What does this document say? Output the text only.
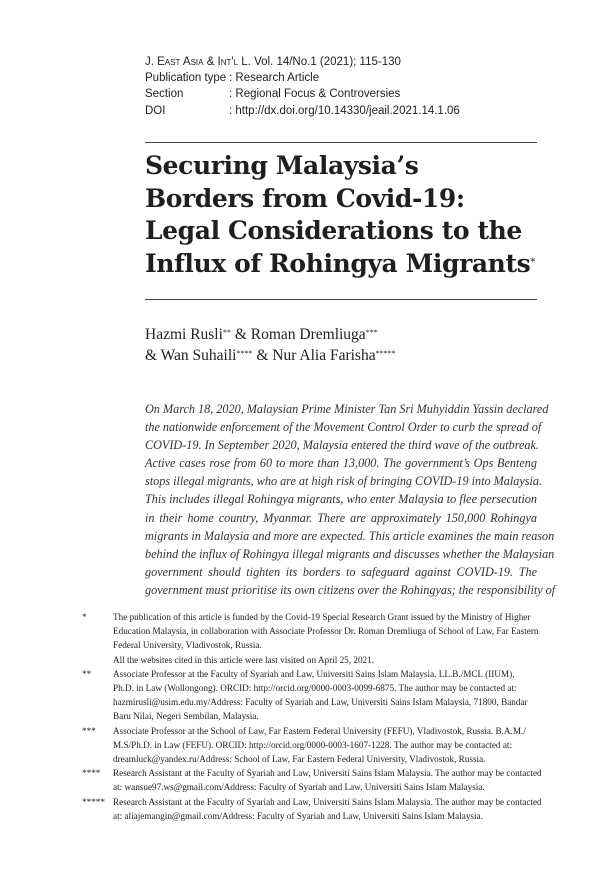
J. East Asia & Int'l L. Vol. 14/No.1 (2021); 115-130
Publication type : Research Article
Section	: Regional Focus & Controversies
DOI	: http://dx.doi.org/10.14330/jeail.2021.14.1.06
Securing Malaysia’s
Borders from Covid-19:
Legal Considerations to the
Influx of Rohingya Migrants*
Hazmi Rusli** & Roman Dremliuga***
& Wan Suhaili**** & Nur Alia Farisha*****
On March 18, 2020, Malaysian Prime Minister Tan Sri Muhyiddin Yassin declared
the nationwide enforcement of the Movement Control Order to curb the spread of
COVID-19. In September 2020, Malaysia entered the third wave of the outbreak.
Active cases rose from 60 to more than 13,000. The government’s Ops Benteng
stops illegal migrants, who are at high risk of bringing COVID-19 into Malaysia.
This includes illegal Rohingya migrants, who enter Malaysia to flee persecution
in their home country, Myanmar. There are approximately 150,000 Rohingya
migrants in Malaysia and more are expected. This article examines the main reason
behind the influx of Rohingya illegal migrants and discusses whether the Malaysian
government should tighten its borders to safeguard against COVID-19. The
government must prioritise its own citizens over the Rohingyas; the responsibility of
*	The publication of this article is funded by the Covid-19 Special Research Grant issued by the Ministry of Higher
Education Malaysia, in collaboration with Associate Professor Dr. Roman Dremliuga of School of Law, Far Eastern
Federal University, Vladivostok, Russia.
All the websites cited in this article were last visited on April 25, 2021.
**	Associate Professor at the Faculty of Syariah and Law, Universiti Sains Islam Malaysia. LL.B./MCL (IIUM),
Ph.D. in Law (Wollongong). ORCID: http://orcid.org/0000-0003-0099-6875. The author may be contacted at:
hazmirusli@usim.edu.my/Address: Faculty of Syariah and Law, Universiti Sains Islam Malaysia, 71800, Bandar
Baru Nilai, Negeri Sembilan, Malaysia.
***	Associate Professor at the School of Law, Far Eastern Federal University (FEFU), Vladivostok, Russia. B.A.M./
M.S/Ph.D. in Law (FEFU). ORCID: http://orcid.org/0000-0003-1607-1228. The author may be contacted at:
dreamluck@yandex.ru/Address: School of Law, Far Eastern Federal University, Vladivostok, Russia.
****	Research Assistant at the Faculty of Syariah and Law, Universiti Sains Islam Malaysia. The author may be contacted
at: wansue97.ws@gmail.com/Address: Faculty of Syariah and Law, Universiti Sains Islam Malaysia.
***** Research Assistant at the Faculty of Syariah and Law, Universiti Sains Islam Malaysia. The author may be contacted
at: aliajemangin@gmail.com/Address: Faculty of Syariah and Law, Universiti Sains Islam Malaysia.
